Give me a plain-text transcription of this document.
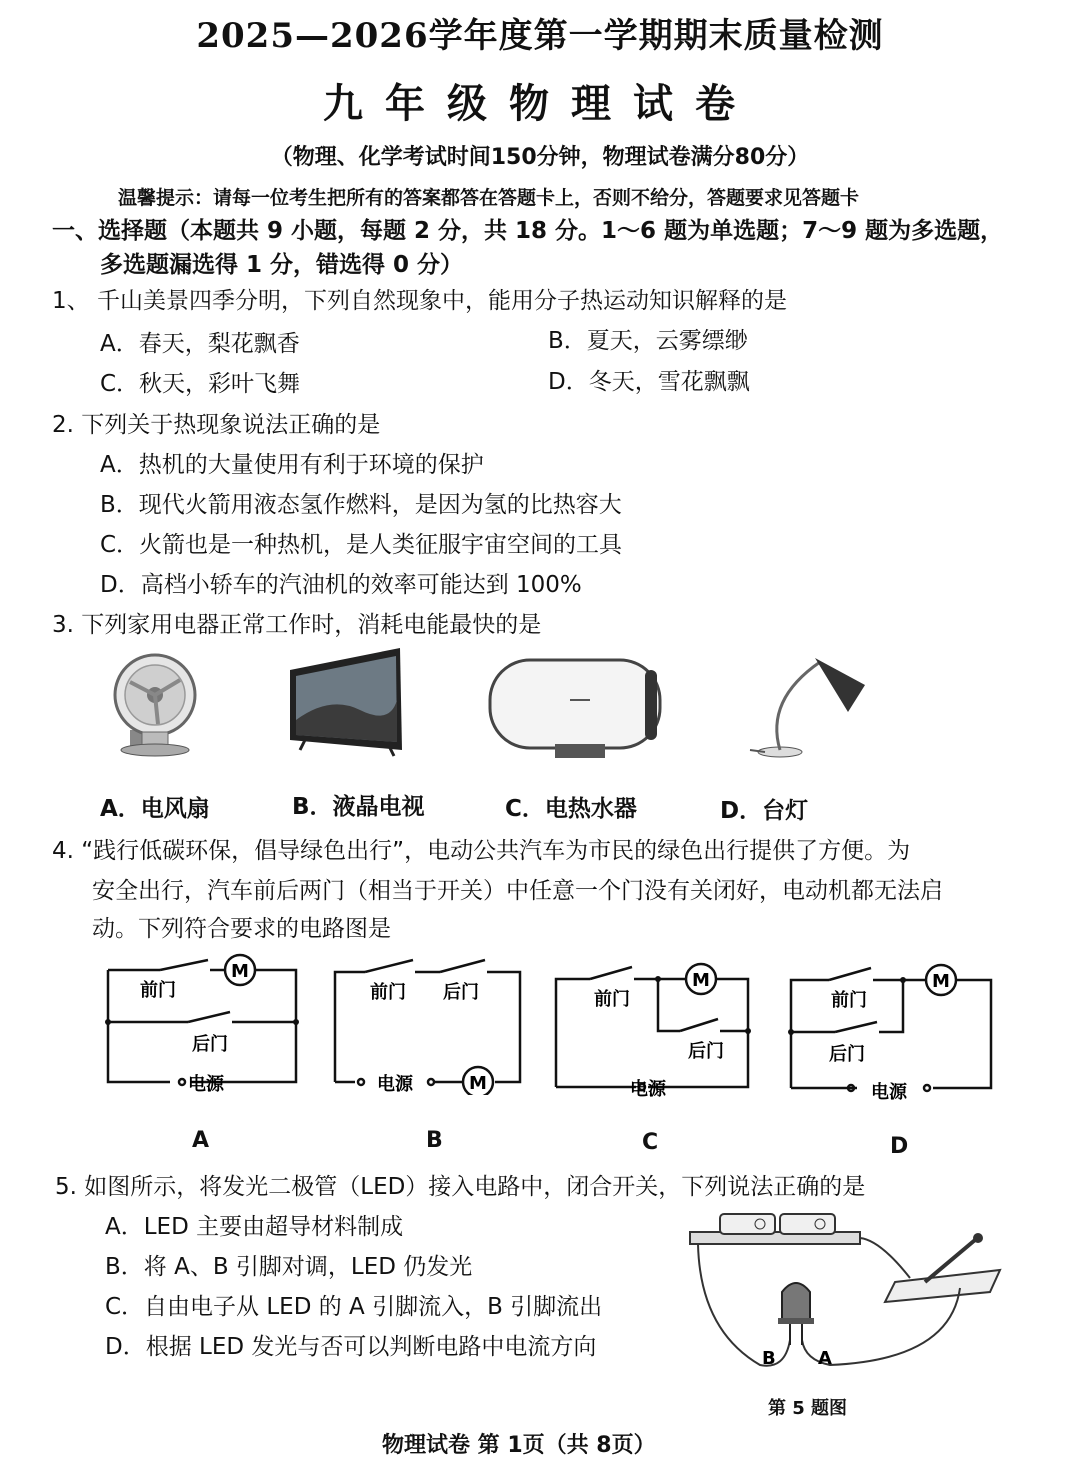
2025—2026学年度第一学期期末质量检测
九年级物理试卷
（物理、化学考试时间150分钟，物理试卷满分80分）
温馨提示：请每一位考生把所有的答案都答在答题卡上，否则不给分，答题要求见答题卡
一、选择题（本题共 9 小题，每题 2 分，共 18 分。1～6 题为单选题；7～9 题为多选题，
多选题漏选得 1 分，错选得 0 分）
1、 千山美景四季分明，下列自然现象中，能用分子热运动知识解释的是
A．春天，梨花飘香	B．夏天，云雾缥缈
C．秋天，彩叶飞舞	D．冬天，雪花飘飘
2. 下列关于热现象说法正确的是
A．热机的大量使用有利于环境的保护
B．现代火箭用液态氢作燃料，是因为氢的比热容大
C．火箭也是一种热机，是人类征服宇宙空间的工具
D．高档小轿车的汽油机的效率可能达到 100%
3. 下列家用电器正常工作时，消耗电能最快的是
A．电风扇	B．液晶电视	C．电热水器	D．台灯
4. “践行低碳环保，倡导绿色出行”，电动公共汽车为市民的绿色出行提供了方便。为
安全出行，汽车前后两门（相当于开关）中任意一个门没有关闭好，电动机都无法启
动。下列符合要求的电路图是
M
前门
后门
电源	M
前门 后门
电源
M
前门
后门
电源
M
前门
后门
电源
A	B	C	D
5. 如图所示，将发光二极管（LED）接入电路中，闭合开关，下列说法正确的是
A．LED 主要由超导材料制成
B．将 A、B 引脚对调，LED 仍发光
C．自由电子从 LED 的 A 引脚流入，B 引脚流出
D．根据 LED 发光与否可以判断电路中电流方向	B A
第 5 题图
物理试卷 第 1页（共 8页）
